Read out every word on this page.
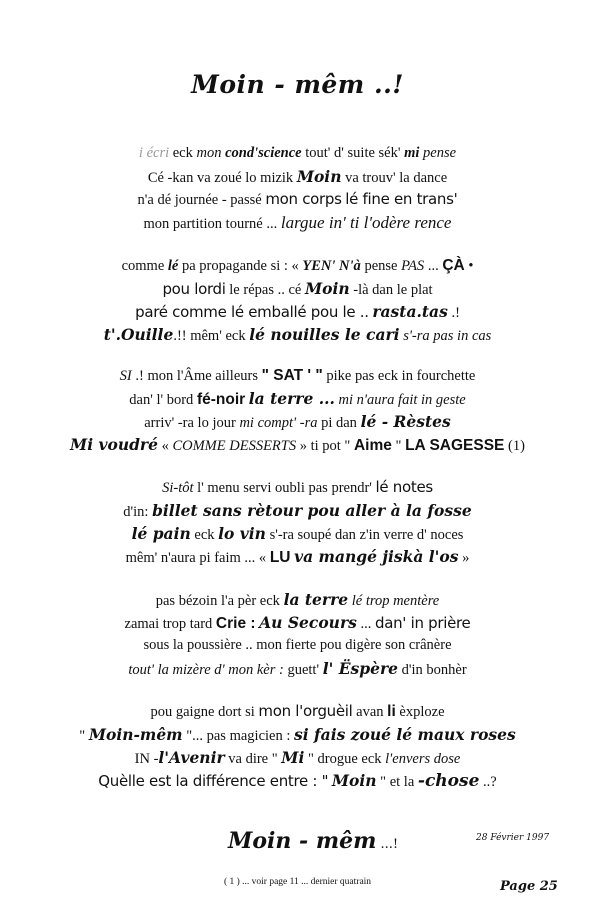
Moin - mêm ..!
i écri eck mon cond'science tout' d' suite sék' mi pense
Cé -kan va zoué lo mizik Moin va trouv' la dance
n'a dé journée - passé mon corps lé fine en trans'
mon partition tourné ... largue in' ti l'odère rence
comme lé pa propagande si : « YEN' N'à pense PAS ... ÇÀ •
pou lordi le répas .. cé Moin -là dan le plat
paré comme lé emballé pou le .. rasta.tas .!
t'.Ouille.!! mêm' eck lé nouilles le cari s'-ra pas in cas
SI .! mon l'Âme ailleurs " SAT ' " pike pas eck in fourchette
dan' l' bord fé-noir la terre ... mi n'aura fait in geste
arriv' -ra lo jour mi compt' -ra pi dan lé - Rèstes
Mi voudré « COMME DESSERTS » ti pot " Aime " LA SAGESSE (1)
Si-tôt l' menu servi oubli pas prendr' lé notes
d'in: billet sans rètour pou aller à la fosse
lé pain eck lo vin s'-ra soupé dan z'in verre d' noces
mêm' n'aura pi faim ... « LU va mangé jiskà l'os »
pas bézoin l'a pèr eck la terre lé trop mentère
zamai trop tard Crie : Au Secours ... dan' in prière
sous la poussière .. mon fierte pou digère son crânère
tout' la mizère d' mon kèr : guett' l' Ëspère d'in bonhèr
pou gaigne dort si mon l'orguèil avan li èxploze
" Moin-mêm "... pas magicien : si fais zoué lé maux roses
IN -l'Avenir va dire " Mi " drogue eck l'envers dose
Quèlle est la différence entre : " Moin " et la -chose ..?
Moin - mêm ...!	28 Février 1997
( 1 ) ... voir page 11 ... dernier quatrain	Page 25
